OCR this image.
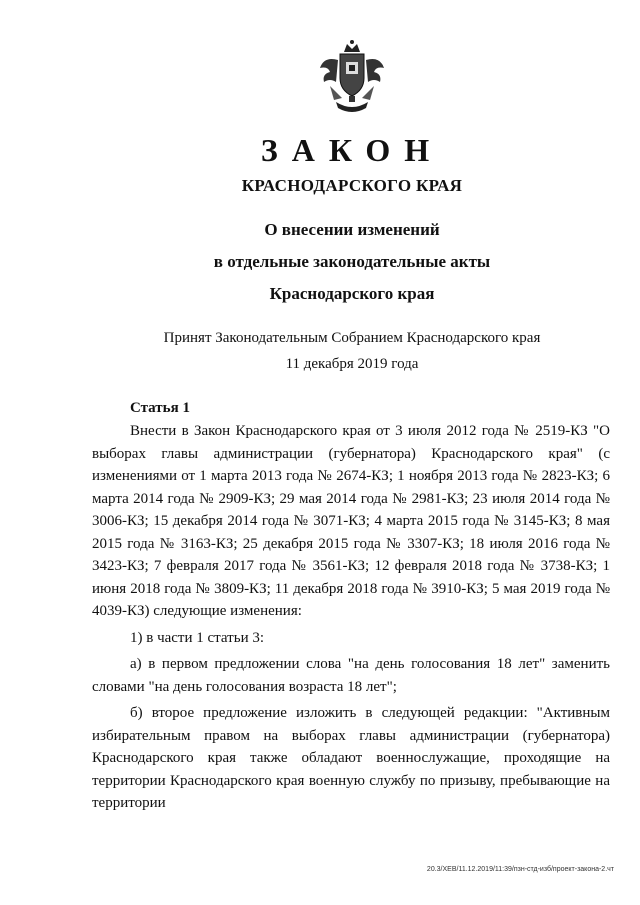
ЗАКОН
КРАСНОДАРСКОГО КРАЯ
О внесении изменений
в отдельные законодательные акты
Краснодарского края
Принят Законодательным Собранием Краснодарского края
11 декабря 2019 года
Статья 1

Внести в Закон Краснодарского края от 3 июля 2012 года № 2519-КЗ "О выборах главы администрации (губернатора) Краснодарского края" (с изменениями от 1 марта 2013 года № 2674-КЗ; 1 ноября 2013 года № 2823-КЗ; 6 марта 2014 года № 2909-КЗ; 29 мая 2014 года № 2981-КЗ; 23 июля 2014 года № 3006-КЗ; 15 декабря 2014 года № 3071-КЗ; 4 марта 2015 года № 3145-КЗ; 8 мая 2015 года № 3163-КЗ; 25 декабря 2015 года № 3307-КЗ; 18 июля 2016 года № 3423-КЗ; 7 февраля 2017 года № 3561-КЗ; 12 февраля 2018 года № 3738-КЗ; 1 июня 2018 года № 3809-КЗ; 11 декабря 2018 года № 3910-КЗ; 5 мая 2019 года № 4039-КЗ) следующие изменения:

1) в части 1 статьи 3:

а) в первом предложении слова "на день голосования 18 лет" заменить словами "на день голосования возраста 18 лет";

б) второе предложение изложить в следующей редакции: "Активным избирательным правом на выборах главы администрации (губернатора) Краснодарского края также обладают военнослужащие, проходящие на территории Краснодарского края военную службу по призыву, пребывающие на территории

20.3/ХЕВ/11.12.2019/11:39/пзн-стд-изб/проект-закона-2.чт
